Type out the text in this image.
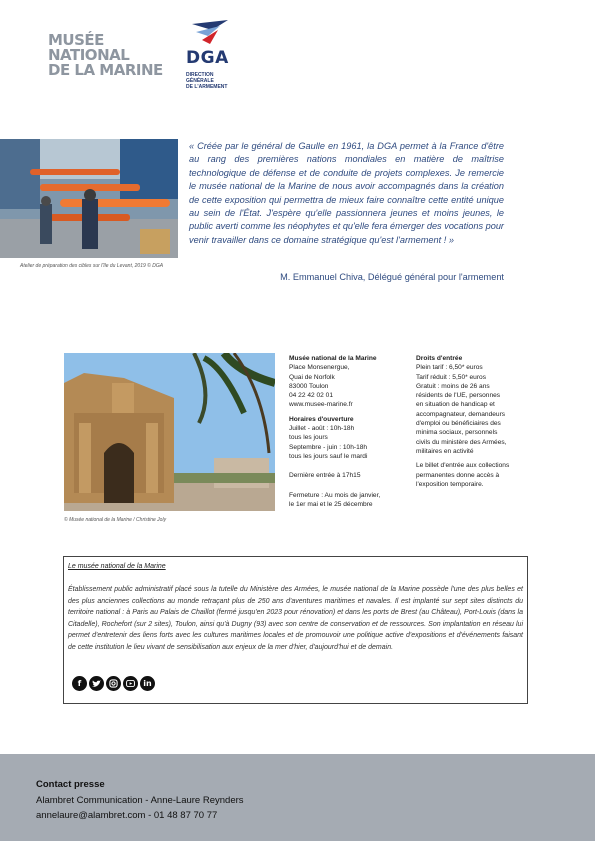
MUSÉE
NATIONAL
DE LA MARINE
DGA
DIRECTION
GÉNÉRALE
DE L'ARMEMENT
Atelier de préparation des cibles sur l'île du Levant, 2019 © DGA
« Créée par le général de Gaulle en 1961, la DGA permet à la France d'être au rang des premières nations mondiales en matière de maîtrise technologique de défense et de conduite de projets complexes. Je remercie le musée national de la Marine de nous avoir accompagnés dans la création de cette exposition qui permettra de mieux faire connaître cette entité unique au sein de l'État. J'espère qu'elle passionnera jeunes et moins jeunes, le public averti comme les néophytes et qu'elle fera émerger des vocations pour venir travailler dans ce domaine stratégique qu'est l'armement ! »
M. Emmanuel Chiva, Délégué général pour l'armement
© Musée national de la Marine / Christine Joly
Musée national de la Marine
Place Monsenergue,
Quai de Norfolk
83000 Toulon
04 22 42 02 01
www.musee-marine.fr
Horaires d'ouverture
Juillet - août : 10h-18h
tous les jours
Septembre - juin : 10h-18h
tous les jours sauf le mardi
Dernière entrée à 17h15
Fermeture : Au mois de janvier,
le 1er mai et le 25 décembre
Droits d'entrée
Plein tarif : 6,50* euros
Tarif réduit : 5,50* euros
Gratuit : moins de 26 ans
résidents de l'UE, personnes
en situation de handicap et
accompagnateur, demandeurs
d'emploi ou bénéficiaires des
minima sociaux, personnels
civils du ministère des Armées,
militaires en activité
Le billet d'entrée aux collections
permanentes donne accès à
l'exposition temporaire.
Le musée national de la Marine
Établissement public administratif placé sous la tutelle du Ministère des Armées, le musée national de la Marine possède l'une des plus belles et des plus anciennes collections au monde retraçant plus de 250 ans d'aventures maritimes et navales. Il est implanté sur sept sites distincts du territoire national : à Paris au Palais de Chaillot (fermé jusqu'en 2023 pour rénovation) et dans les ports de Brest (au Château), Port-Louis (dans la Citadelle), Rochefort (sur 2 sites), Toulon, ainsi qu'à Dugny (93) avec son centre de conservation et de ressources. Son implantation en réseau lui permet d'entretenir des liens forts avec les cultures maritimes locales et de promouvoir une politique active d'expositions et d'événements faisant de cette institution le lieu vivant de sensibilisation aux enjeux de la mer d'hier, d'aujourd'hui et de demain.
f	in
Contact presse
Alambret Communication - Anne-Laure Reynders
annelaure@alambret.com - 01 48 87 70 77
